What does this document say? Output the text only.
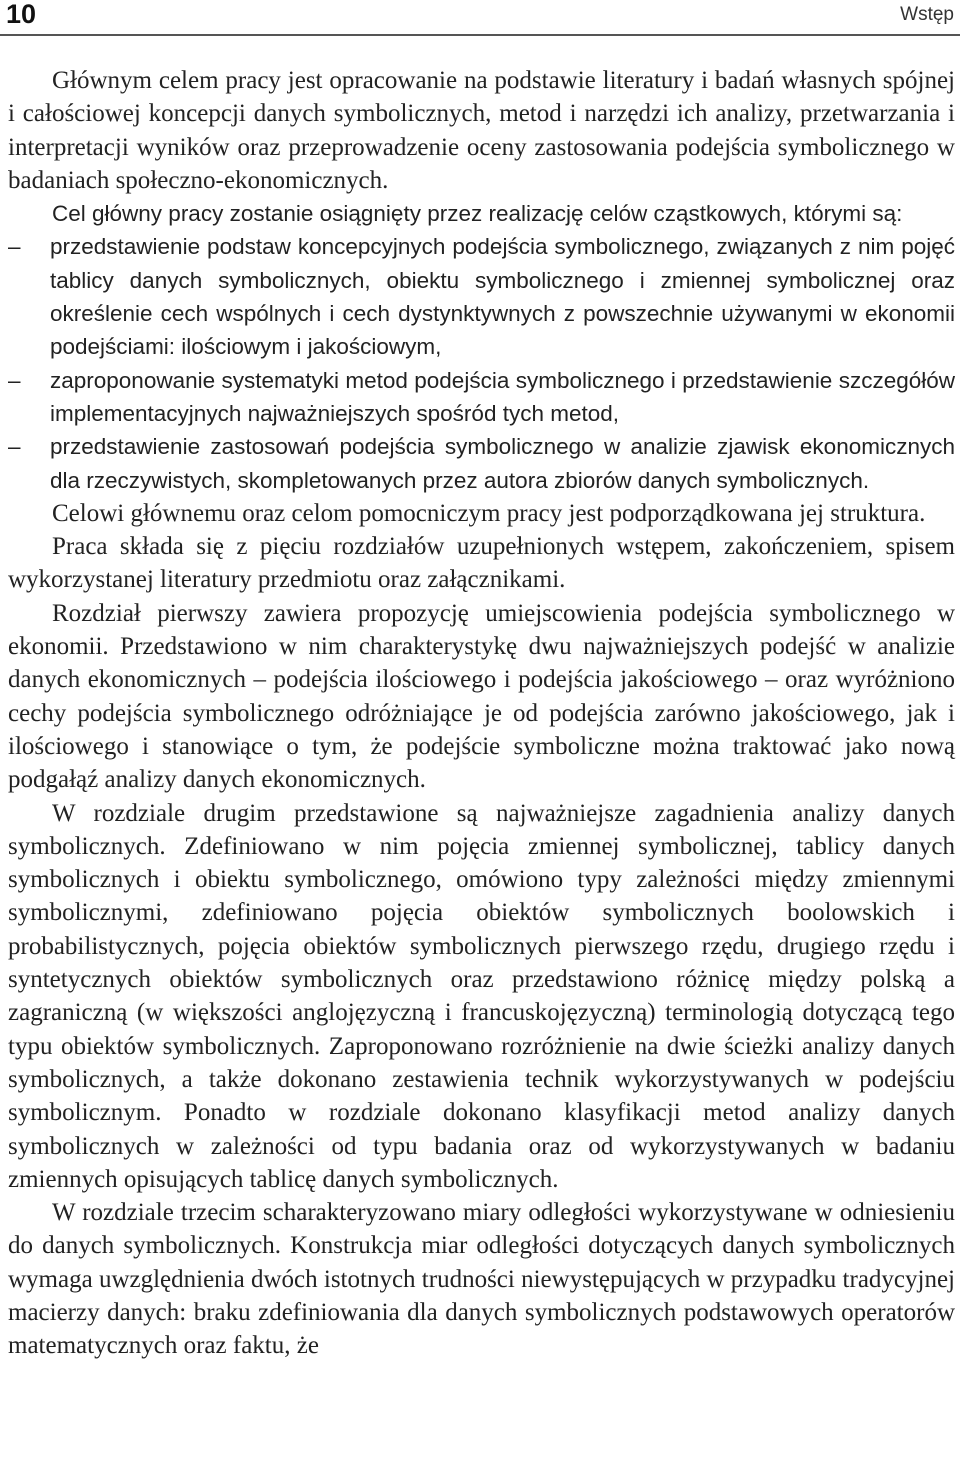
10	Wstęp

Głównym celem pracy jest opracowanie na podstawie literatury i badań własnych spójnej i całościowej koncepcji danych symbolicznych, metod i narzędzi ich analizy, przetwarzania i interpretacji wyników oraz przeprowadzenie oceny zastosowania podejścia symbolicznego w badaniach społeczno-ekonomicznych.

Cel główny pracy zostanie osiągnięty przez realizację celów cząstkowych, którymi są:

– przedstawienie podstaw koncepcyjnych podejścia symbolicznego, związanych z nim pojęć tablicy danych symbolicznych, obiektu symbolicznego i zmiennej symbolicznej oraz określenie cech wspólnych i cech dystynktywnych z powszechnie używanymi w ekonomii podejściami: ilościowym i jakościowym,
– zaproponowanie systematyki metod podejścia symbolicznego i przedstawienie szczegółów implementacyjnych najważniejszych spośród tych metod,
– przedstawienie zastosowań podejścia symbolicznego w analizie zjawisk ekonomicznych dla rzeczywistych, skompletowanych przez autora zbiorów danych symbolicznych.

Celowi głównemu oraz celom pomocniczym pracy jest podporządkowana jej struktura.

Praca składa się z pięciu rozdziałów uzupełnionych wstępem, zakończeniem, spisem wykorzystanej literatury przedmiotu oraz załącznikami.

Rozdział pierwszy zawiera propozycję umiejscowienia podejścia symbolicznego w ekonomii. Przedstawiono w nim charakterystykę dwu najważniejszych podejść w analizie danych ekonomicznych – podejścia ilościowego i podejścia jakościowego – oraz wyróżniono cechy podejścia symbolicznego odróżniające je od podejścia zarówno jakościowego, jak i ilościowego i stanowiące o tym, że podejście symboliczne można traktować jako nową podgałąź analizy danych ekonomicznych.

W rozdziale drugim przedstawione są najważniejsze zagadnienia analizy danych symbolicznych. Zdefiniowano w nim pojęcia zmiennej symbolicznej, tablicy danych symbolicznych i obiektu symbolicznego, omówiono typy zależności między zmiennymi symbolicznymi, zdefiniowano pojęcia obiektów symbolicznych boolowskich i probabilistycznych, pojęcia obiektów symbolicznych pierwszego rzędu, drugiego rzędu i syntetycznych obiektów symbolicznych oraz przedstawiono różnicę między polską a zagraniczną (w większości anglojęzyczną i francuskojęzyczną) terminologią dotyczącą tego typu obiektów symbolicznych. Zaproponowano rozróżnienie na dwie ścieżki analizy danych symbolicznych, a także dokonano zestawienia technik wykorzystywanych w podejściu symbolicznym. Ponadto w rozdziale dokonano klasyfikacji metod analizy danych symbolicznych w zależności od typu badania oraz od wykorzystywanych w badaniu zmiennych opisujących tablicę danych symbolicznych.

W rozdziale trzecim scharakteryzowano miary odległości wykorzystywane w odniesieniu do danych symbolicznych. Konstrukcja miar odległości dotyczących danych symbolicznych wymaga uwzględnienia dwóch istotnych trudności niewystępujących w przypadku tradycyjnej macierzy danych: braku zdefiniowania dla danych symbolicznych podstawowych operatorów matematycznych oraz faktu, że
